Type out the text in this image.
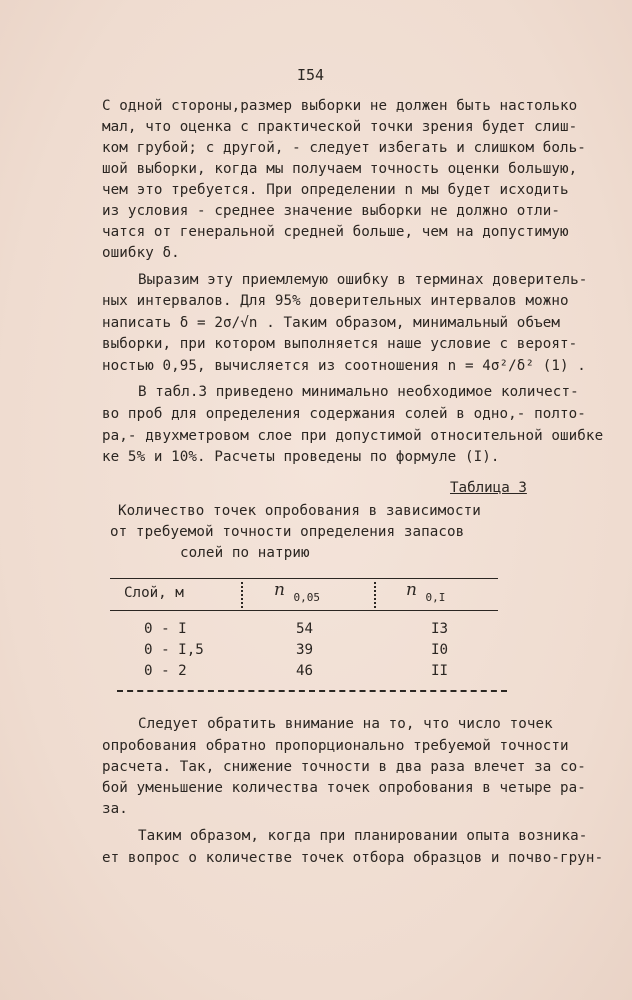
I54
С одной стороны,размер выборки не должен быть настолько
мал, что оценка с практической точки зрения будет слиш-
ком грубой; с другой, - следует избегать и слишком боль-
шой выборки, когда мы получаем точность оценки большую,
чем это требуется. При определении n мы будет исходить
из условия - среднее значение выборки не должно отли-
чатся от генеральной средней больше, чем на допустимую
ошибку δ.
Выразим эту приемлемую ошибку в терминах доверитель-
ных интервалов. Для 95% доверительных интервалов можно
написать δ = 2σ/√n . Таким образом, минимальный объем
выборки, при котором выполняется наше условие с вероят-
ностью 0,95, вычисляется из соотношения n = 4σ²/δ² (1) .
В табл.3 приведено минимально необходимое количест-
во проб для определения содержания солей в одно,- полто-
ра,- двухметровом слое при допустимой относительной ошибке
ке 5% и 10%. Расчеты проведены по формуле (I).
Таблица 3
Количество точек опробования в зависимости
от требуемой точности определения запасов
солей по натрию
Слой, м	n $_{0,05}$	n $_{0,I}$
0 - I	54	I3
0 - I,5	39	I0
0 - 2	46	II
Следует обратить внимание на то, что число точек
опробования обратно пропорционально требуемой точности
расчета. Так, снижение точности в два раза влечет за со-
бой уменьшение количества точек опробования в четыре ра-
за.
Таким образом, когда при планировании опыта возника-
ет вопрос о количестве точек отбора образцов и почво-грун-
